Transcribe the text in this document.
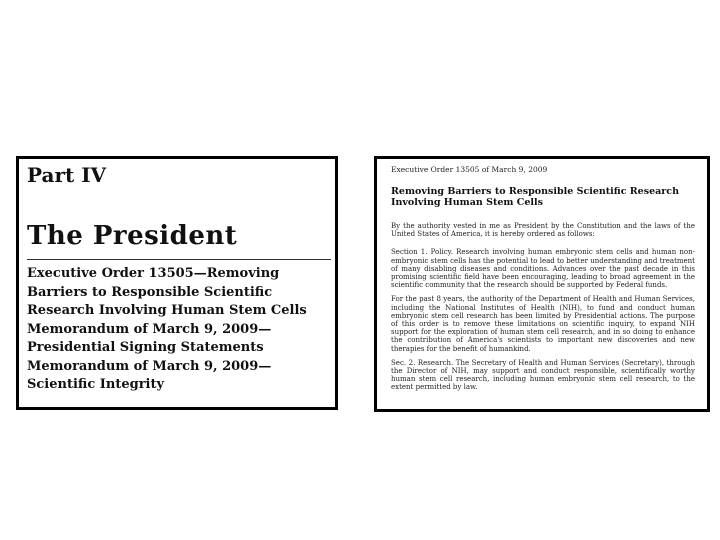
Part IV
The President
Executive Order 13505—Removing
Barriers to Responsible Scientific
Research Involving Human Stem Cells
Memorandum of March 9, 2009—
Presidential Signing Statements
Memorandum of March 9, 2009—
Scientific Integrity
Executive Order 13505 of March 9, 2009
Removing Barriers to Responsible Scientific Research Involving Human Stem Cells

By the authority vested in me as President by the Constitution and the laws of the United States of America, it is hereby ordered as follows:

Section 1. Policy. Research involving human embryonic stem cells and human non-embryonic stem cells has the potential to lead to better understanding and treatment of many disabling diseases and conditions. Advances over the past decade in this promising scientific field have been encouraging, leading to broad agreement in the scientific community that the research should be supported by Federal funds.

For the past 8 years, the authority of the Department of Health and Human Services, including the National Institutes of Health (NIH), to fund and conduct human embryonic stem cell research has been limited by Presidential actions. The purpose of this order is to remove these limitations on scientific inquiry, to expand NIH support for the exploration of human stem cell research, and in so doing to enhance the contribution of America's scientists to important new discoveries and new therapies for the benefit of humankind.

Sec. 2. Research. The Secretary of Health and Human Services (Secretary), through the Director of NIH, may support and conduct responsible, scientifically worthy human stem cell research, including human embryonic stem cell research, to the extent permitted by law.
